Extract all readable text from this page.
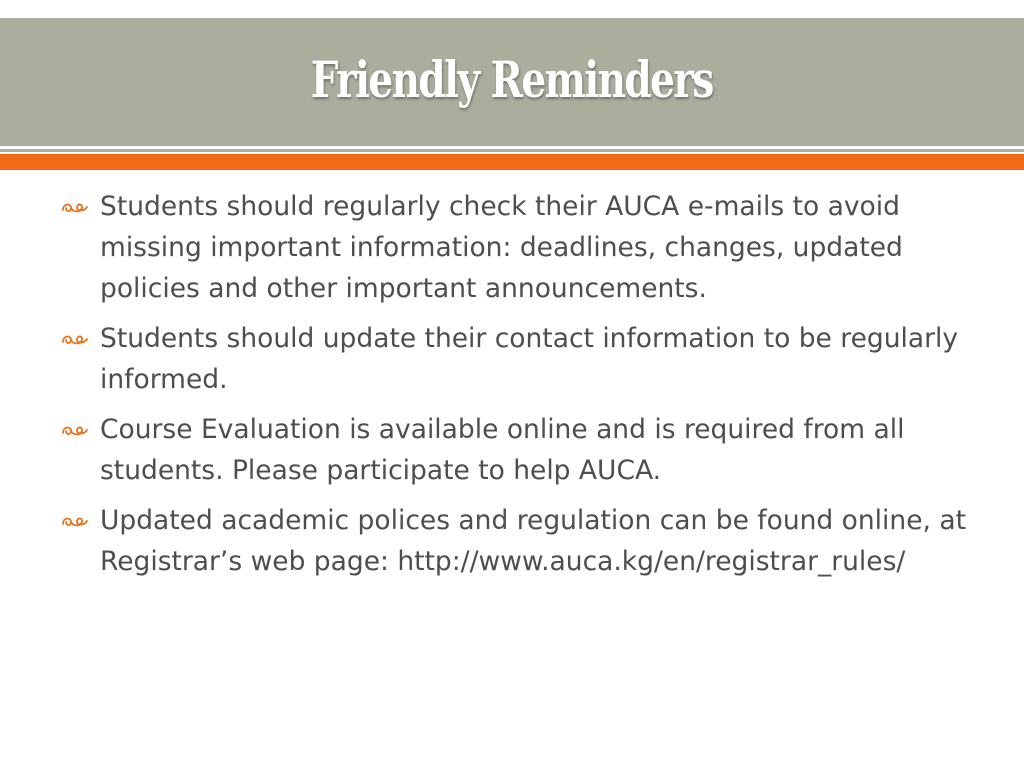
Friendly Reminders
Students should regularly check their AUCA e-mails to avoid missing important information: deadlines, changes, updated policies and other important announcements.
Students should update their contact information to be regularly informed.
Course Evaluation is available online and is required from all students. Please participate to help AUCA.
Updated academic polices and regulation can be found online, at Registrar’s web page: http://www.auca.kg/en/registrar_rules/
